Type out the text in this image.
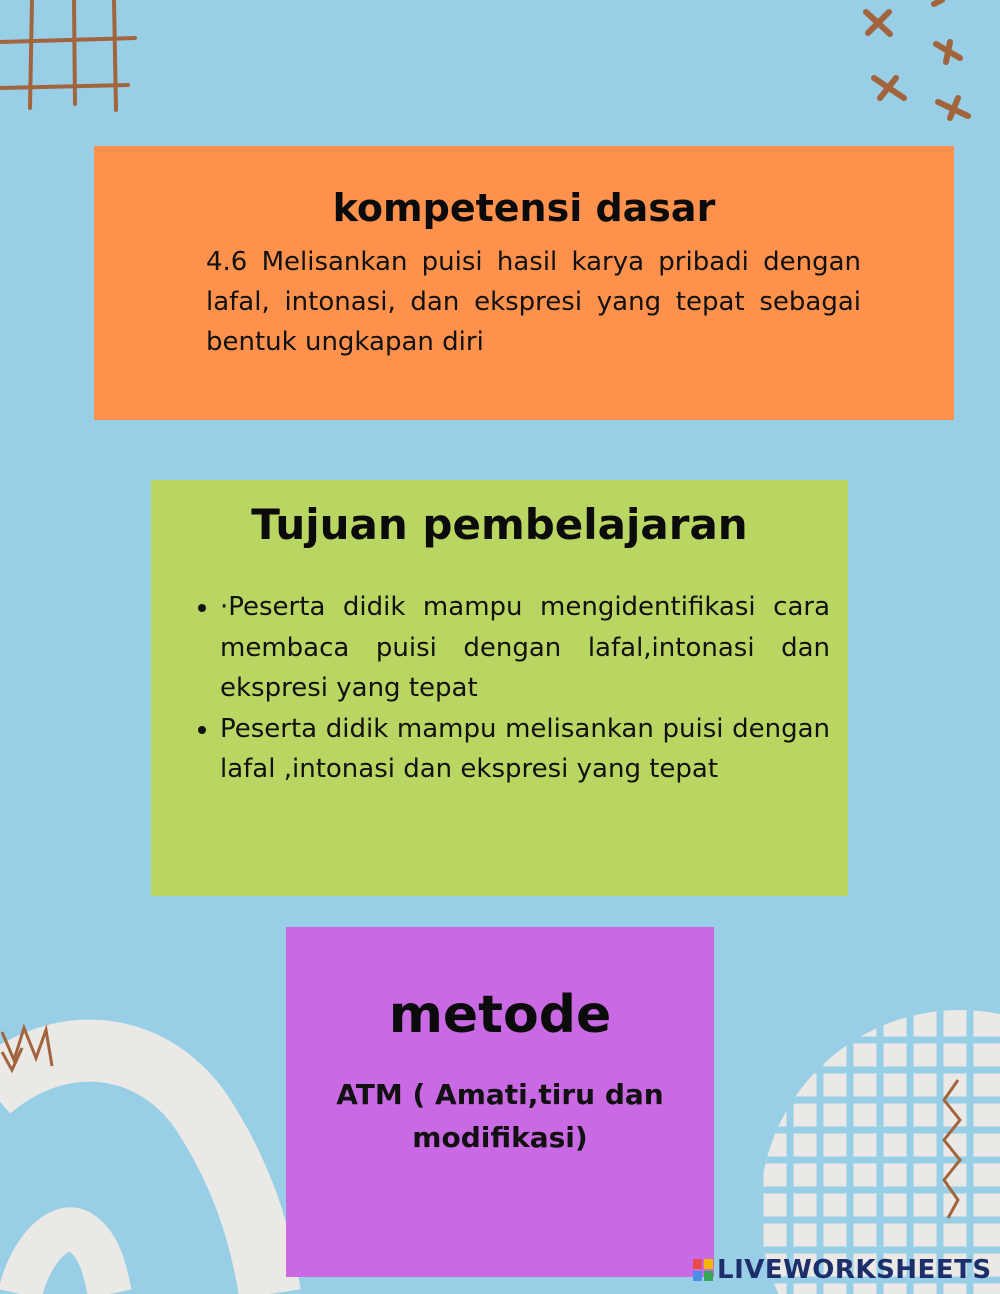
kompetensi dasar

4.6 Melisankan puisi hasil karya pribadi dengan lafal, intonasi, dan ekspresi yang tepat sebagai bentuk ungkapan diri

Tujuan pembelajaran
• ·Peserta didik mampu mengidentifikasi cara membaca puisi dengan lafal,intonasi dan ekspresi yang tepat
• Peserta didik mampu melisankan puisi dengan lafal ,intonasi dan ekspresi yang tepat
metode

ATM ( Amati,tiru dan modifikasi)

LIVEWORKSHEETS
